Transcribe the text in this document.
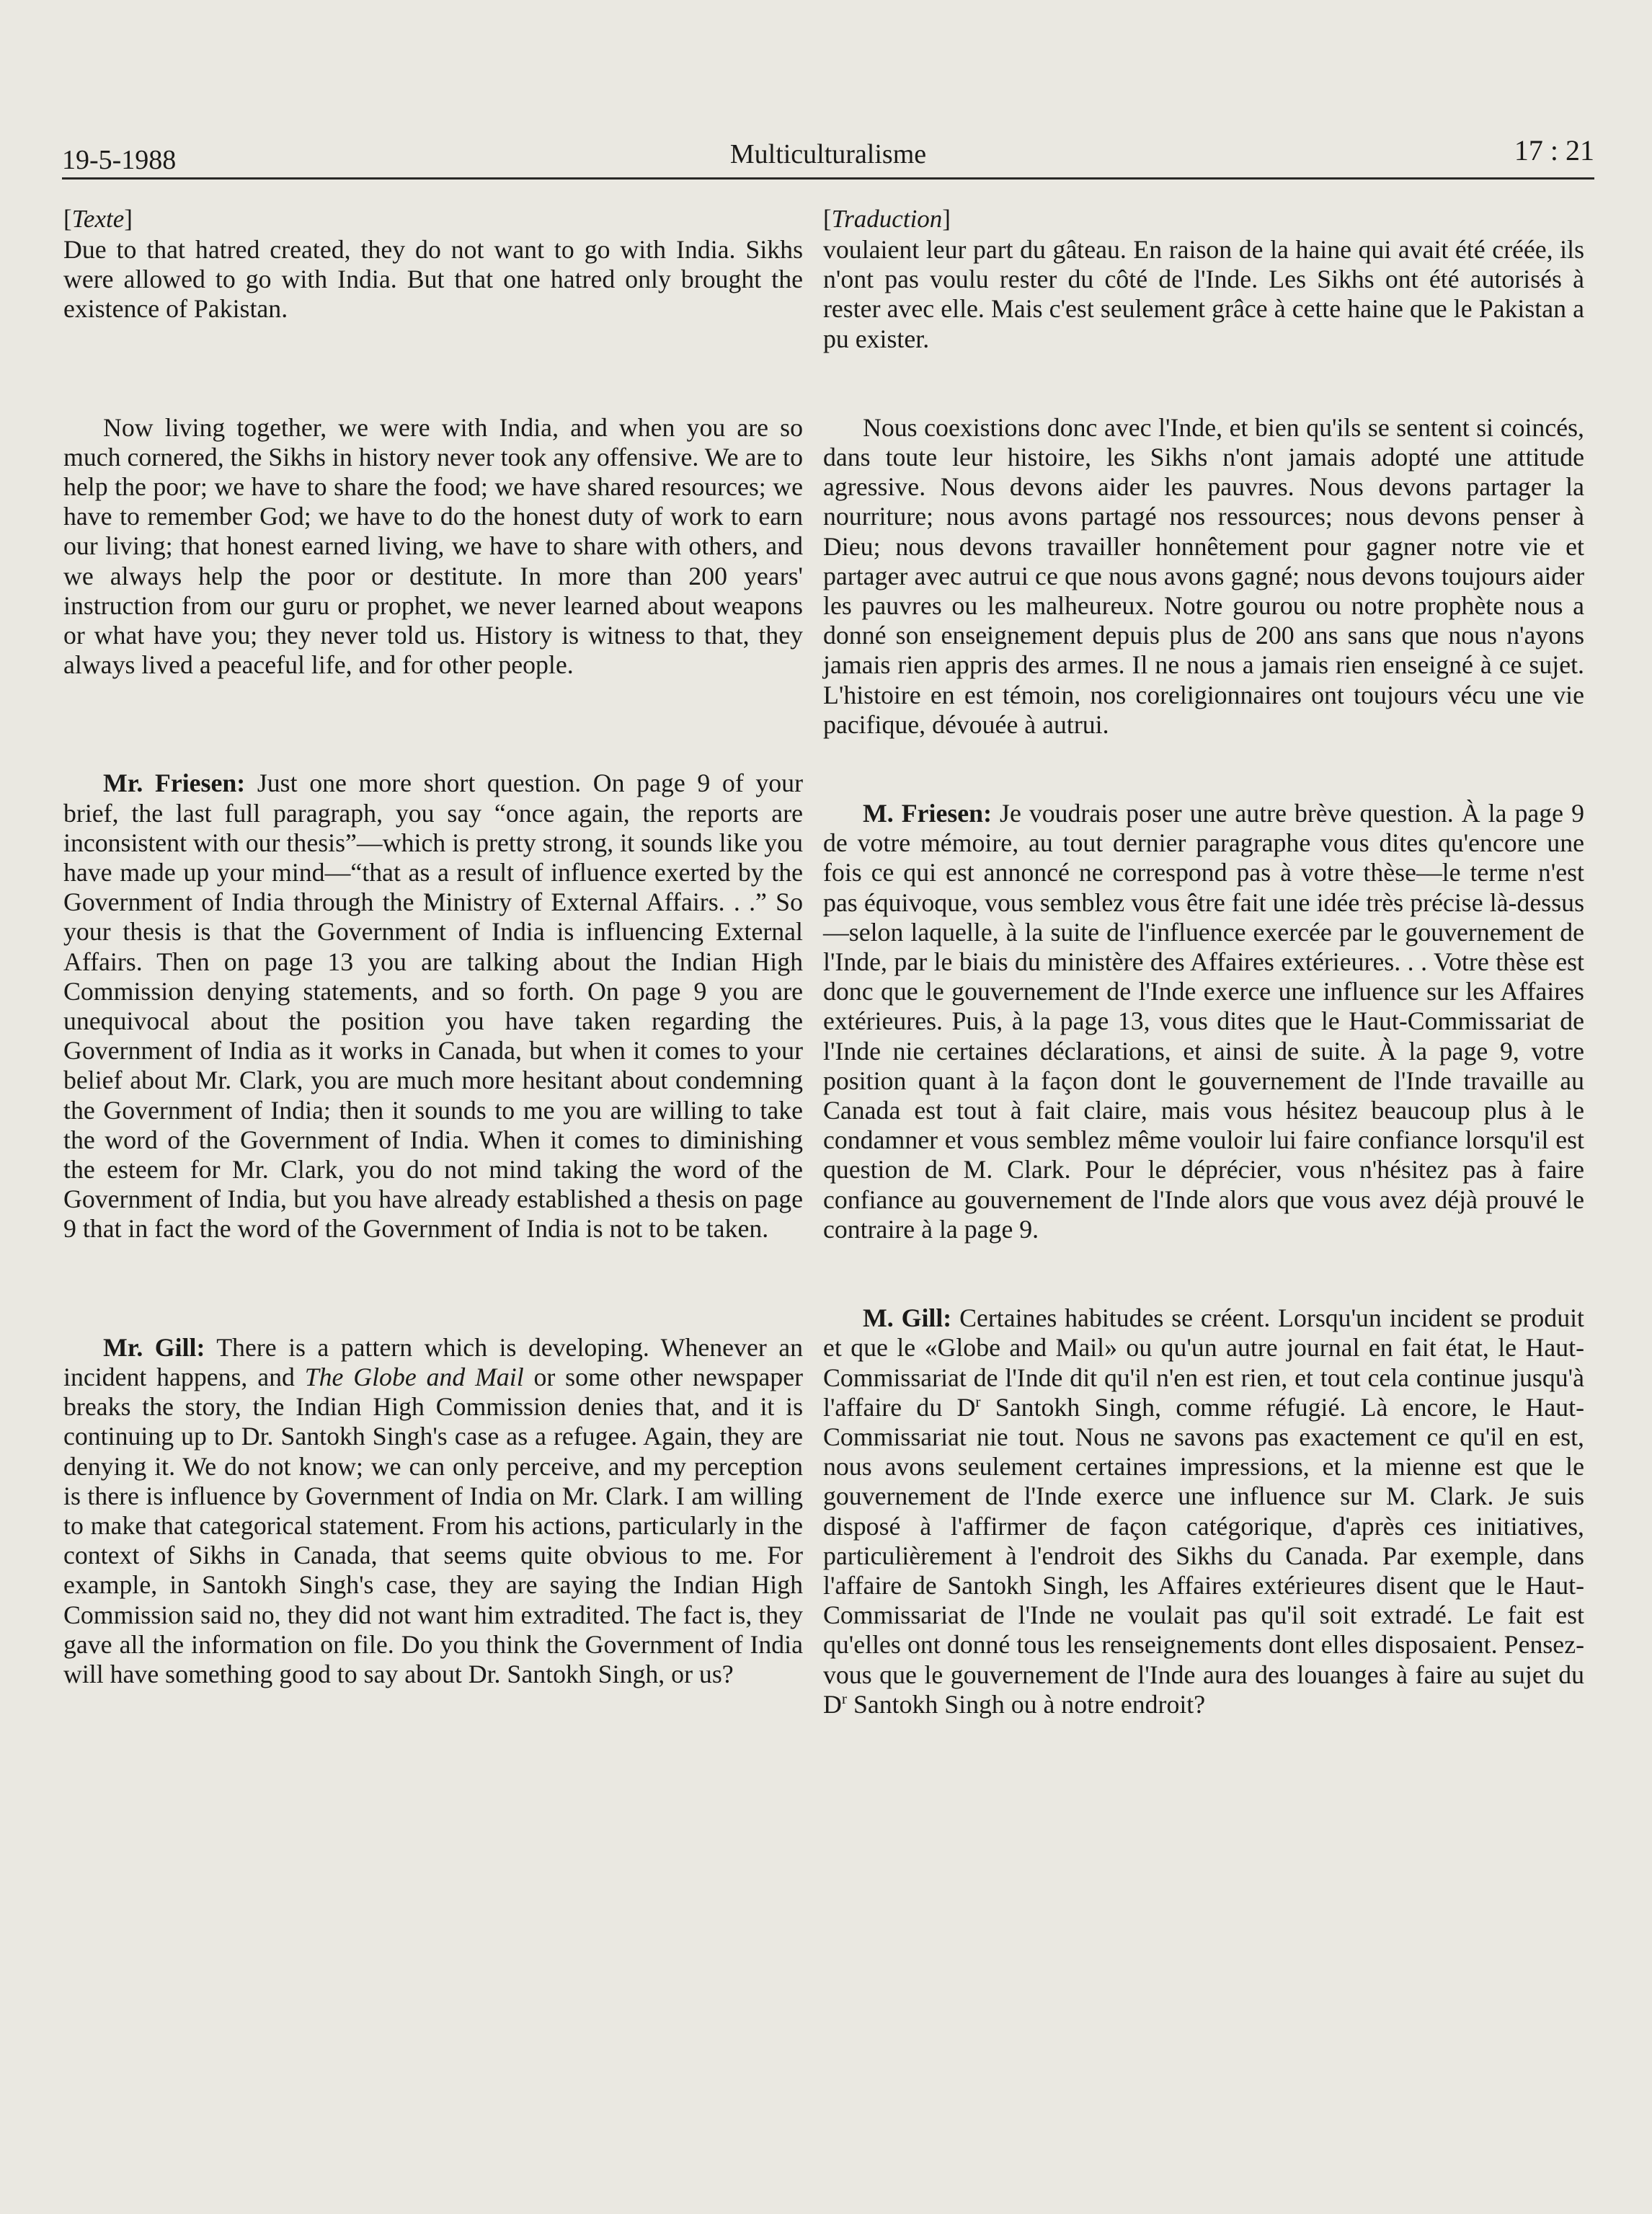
19-5-1988	Multiculturalisme	17 : 21
[ Texte ]

Due to that hatred created, they do not want to go with India. Sikhs were allowed to go with India. But that one hatred only brought the existence of Pakistan.

Now living together, we were with India, and when you are so much cornered, the Sikhs in history never took any offensive. We are to help the poor; we have to share the food; we have shared resources; we have to remember God; we have to do the honest duty of work to earn our living; that honest earned living, we have to share with others, and we always help the poor or destitute. In more than 200 years' instruction from our guru or prophet, we never learned about weapons or what have you; they never told us. History is witness to that, they always lived a peaceful life, and for other people.

Mr. Friesen: Just one more short question. On page 9 of your brief, the last full paragraph, you say “once again, the reports are inconsistent with our thesis”—which is pretty strong, it sounds like you have made up your mind—“that as a result of influence exerted by the Government of India through the Ministry of External Affairs. . .” So your thesis is that the Government of India is influencing External Affairs. Then on page 13 you are talking about the Indian High Commission denying statements, and so forth. On page 9 you are unequivocal about the position you have taken regarding the Government of India as it works in Canada, but when it comes to your belief about Mr. Clark, you are much more hesitant about condemning the Government of India; then it sounds to me you are willing to take the word of the Government of India. When it comes to diminishing the esteem for Mr. Clark, you do not mind taking the word of the Government of India, but you have already established a thesis on page 9 that in fact the word of the Government of India is not to be taken.

Mr. Gill: There is a pattern which is developing. Whenever an incident happens, and The Globe and Mail or some other newspaper breaks the story, the Indian High Commission denies that, and it is continuing up to Dr. Santokh Singh's case as a refugee. Again, they are denying it. We do not know; we can only perceive, and my perception is there is influence by Government of India on Mr. Clark. I am willing to make that categorical statement. From his actions, particularly in the context of Sikhs in Canada, that seems quite obvious to me. For example, in Santokh Singh's case, they are saying the Indian High Commission said no, they did not want him extradited. The fact is, they gave all the information on file. Do you think the Government of India will have something good to say about Dr. Santokh Singh, or us?

[ Traduction ]

voulaient leur part du gâteau. En raison de la haine qui avait été créée, ils n'ont pas voulu rester du côté de l'Inde. Les Sikhs ont été autorisés à rester avec elle. Mais c'est seulement grâce à cette haine que le Pakistan a pu exister.

Nous coexistions donc avec l'Inde, et bien qu'ils se sentent si coincés, dans toute leur histoire, les Sikhs n'ont jamais adopté une attitude agressive. Nous devons aider les pauvres. Nous devons partager la nourriture; nous avons partagé nos ressources; nous devons penser à Dieu; nous devons travailler honnêtement pour gagner notre vie et partager avec autrui ce que nous avons gagné; nous devons toujours aider les pauvres ou les malheureux. Notre gourou ou notre prophète nous a donné son enseignement depuis plus de 200 ans sans que nous n'ayons jamais rien appris des armes. Il ne nous a jamais rien enseigné à ce sujet. L'histoire en est témoin, nos coreligionnaires ont toujours vécu une vie pacifique, dévouée à autrui.

M. Friesen: Je voudrais poser une autre brève question. À la page 9 de votre mémoire, au tout dernier paragraphe vous dites qu'encore une fois ce qui est annoncé ne correspond pas à votre thèse—le terme n'est pas équivoque, vous semblez vous être fait une idée très précise là-dessus—selon laquelle, à la suite de l'influence exercée par le gouvernement de l'Inde, par le biais du ministère des Affaires extérieures. . . Votre thèse est donc que le gouvernement de l'Inde exerce une influence sur les Affaires extérieures. Puis, à la page 13, vous dites que le Haut-Commissariat de l'Inde nie certaines déclarations, et ainsi de suite. À la page 9, votre position quant à la façon dont le gouvernement de l'Inde travaille au Canada est tout à fait claire, mais vous hésitez beaucoup plus à le condamner et vous semblez même vouloir lui faire confiance lorsqu'il est question de M. Clark. Pour le déprécier, vous n'hésitez pas à faire confiance au gouvernement de l'Inde alors que vous avez déjà prouvé le contraire à la page 9.

M. Gill: Certaines habitudes se créent. Lorsqu'un incident se produit et que le «Globe and Mail» ou qu'un autre journal en fait état, le Haut-Commissariat de l'Inde dit qu'il n'en est rien, et tout cela continue jusqu'à l'affaire du $D^r$ Santokh Singh, comme réfugié. Là encore, le Haut-Commissariat nie tout. Nous ne savons pas exactement ce qu'il en est, nous avons seulement certaines impressions, et la mienne est que le gouvernement de l'Inde exerce une influence sur M. Clark. Je suis disposé à l'affirmer de façon catégorique, d'après ces initiatives, particulièrement à l'endroit des Sikhs du Canada. Par exemple, dans l'affaire de Santokh Singh, les Affaires extérieures disent que le Haut-Commissariat de l'Inde ne voulait pas qu'il soit extradé. Le fait est qu'elles ont donné tous les renseignements dont elles disposaient. Pensez-vous que le gouvernement de l'Inde aura des louanges à faire au sujet du $D^r$ Santokh Singh ou à notre endroit?
